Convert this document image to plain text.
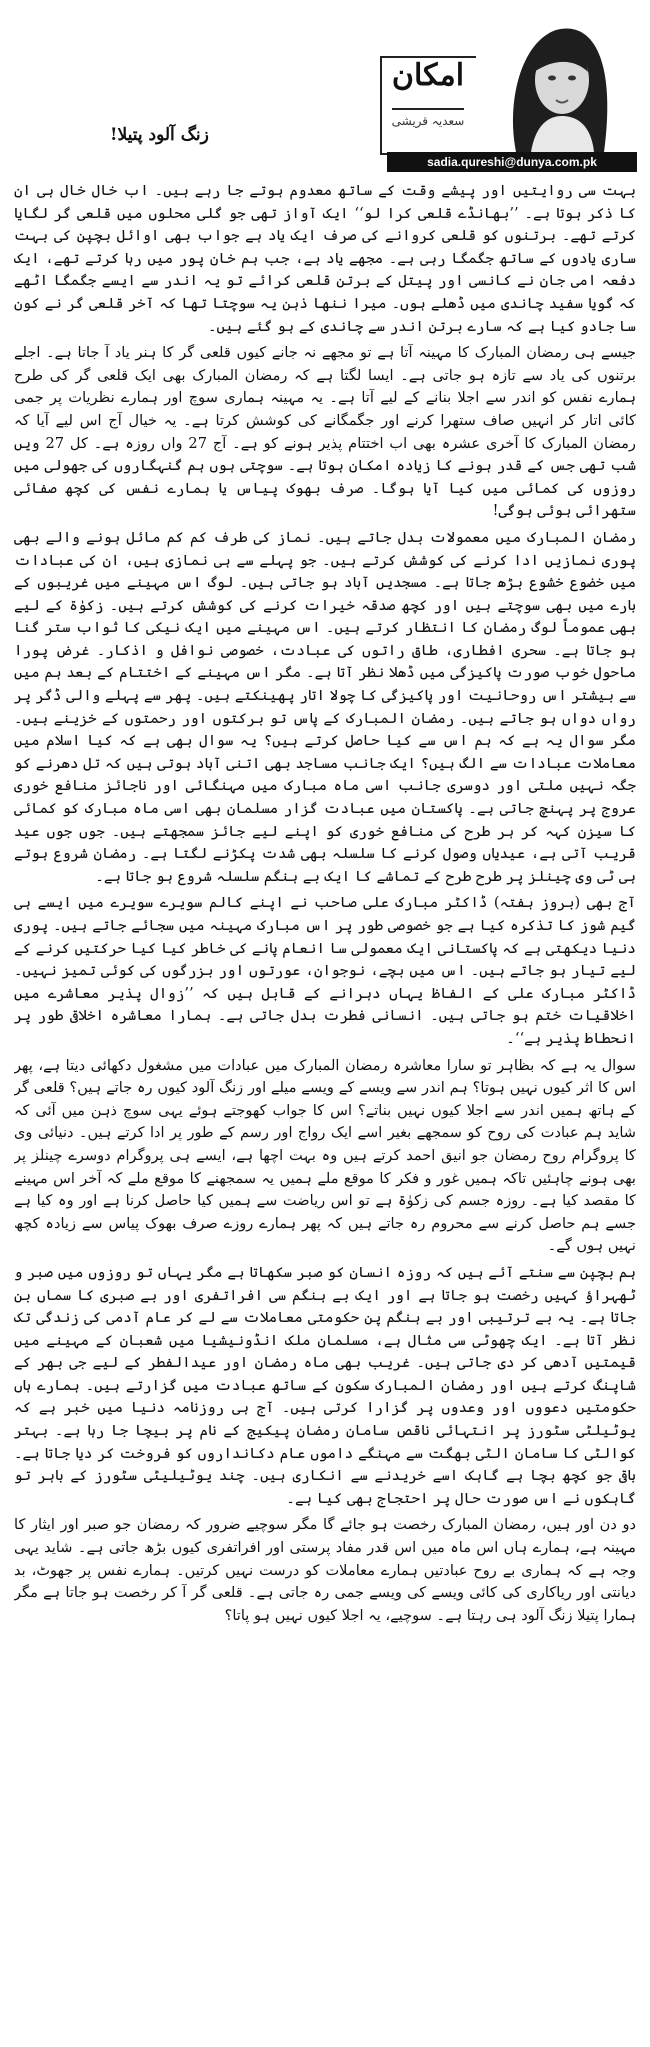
زنگ آلود پتیلا!
امکان
سعدیہ قریشی
sadia.qureshi@dunya.com.pk

بہت سی روایتیں اور پیشے وقت کے ساتھ معدوم ہوتے جا رہے ہیں۔ اب خال خال ہی ان کا ذکر ہوتا ہے۔ ’’بھانڈے قلعی کرا لو‘‘ ایک آواز تھی جو گلی محلوں میں قلعی گر لگایا کرتے تھے۔ برتنوں کو قلعی کروانے کی صرف ایک یاد ہے جواب بھی اوائل بچپن کی بہت ساری یادوں کے ساتھ جگمگا رہی ہے۔ مجھے یاد ہے، جب ہم خان پور میں رہا کرتے تھے، ایک دفعہ امی جان نے کانسی اور پیتل کے برتن قلعی کرائے تو یہ اندر سے ایسے جگمگا اٹھے کہ گویا سفید چاندی میں ڈھلے ہوں۔ میرا ننھا ذہن یہ سوچتا تھا کہ آخر قلعی گر نے کون سا جادو کیا ہے کہ سارے برتن اندر سے چاندی کے ہو گئے ہیں۔

جیسے ہی رمضان المبارک کا مہینہ آتا ہے تو مجھے نہ جانے کیوں قلعی گر کا ہنر یاد آ جاتا ہے۔ اجلے برتنوں کی یاد سے تازہ ہو جاتی ہے۔ ایسا لگتا ہے کہ رمضان المبارک بھی ایک قلعی گر کی طرح ہمارے نفس کو اندر سے اجلا بنانے کے لیے آتا ہے۔ یہ مہینہ ہماری سوچ اور ہمارے نظریات پر جمی کائی اتار کر انہیں صاف ستھرا کرنے اور جگمگانے کی کوشش کرتا ہے۔ یہ خیال آج اس لیے آیا کہ رمضان المبارک کا آخری عشرہ بھی اب اختتام پذیر ہونے کو ہے۔ آج 27 واں روزہ ہے۔ کل 27 ویں شب تھی جس کے قدر ہونے کا زیادہ امکان ہوتا ہے۔ سوچتی ہوں ہم گنہگاروں کی جھولی میں روزوں کی کمائی میں کیا آیا ہوگا۔ صرف بھوک پیاس یا ہمارے نفس کی کچھ صفائی ستھرائی ہوئی ہوگی!

رمضان المبارک میں معمولات بدل جاتے ہیں۔ نماز کی طرف کم کم مائل ہونے والے بھی پوری نمازیں ادا کرنے کی کوشش کرتے ہیں۔ جو پہلے سے ہی نمازی ہیں، ان کی عبادات میں خضوع خشوع بڑھ جاتا ہے۔ مسجدیں آباد ہو جاتی ہیں۔ لوگ اس مہینے میں غریبوں کے بارے میں بھی سوچتے ہیں اور کچھ صدقہ خیرات کرنے کی کوشش کرتے ہیں۔ زکوٰۃ کے لیے بھی عموماً لوگ رمضان کا انتظار کرتے ہیں۔ اس مہینے میں ایک نیکی کا ثواب ستر گنا ہو جاتا ہے۔ سحری افطاری، طاق راتوں کی عبادت، خصوصی نوافل و اذکار۔ غرض پورا ماحول خوب صورت پاکیزگی میں ڈھلا نظر آتا ہے۔ مگر اس مہینے کے اختتام کے بعد ہم میں سے بیشتر اس روحانیت اور پاکیزگی کا چولا اتار پھینکتے ہیں۔ پھر سے پہلے والی ڈگر پر رواں دواں ہو جاتے ہیں۔ رمضان المبارک کے پاس تو برکتوں اور رحمتوں کے خزینے ہیں۔ مگر سوال یہ ہے کہ ہم اس سے کیا حاصل کرتے ہیں؟ یہ سوال بھی ہے کہ کیا اسلام میں معاملات عبادات سے الگ ہیں؟ ایک جانب مساجد بھی اتنی آباد ہوتی ہیں کہ تل دھرنے کو جگہ نہیں ملتی اور دوسری جانب اسی ماہ مبارک میں مہنگائی اور ناجائز منافع خوری عروج پر پہنچ جاتی ہے۔ پاکستان میں عبادت گزار مسلمان بھی اسی ماہ مبارک کو کمائی کا سیزن کہہ کر ہر طرح کی منافع خوری کو اپنے لیے جائز سمجھتے ہیں۔ جوں جوں عید قریب آتی ہے، عیدیاں وصول کرنے کا سلسلہ بھی شدت پکڑنے لگتا ہے۔ رمضان شروع ہوتے ہی ٹی وی چینلز پر طرح طرح کے تماشے کا ایک بے ہنگم سلسلہ شروع ہو جاتا ہے۔

آج بھی (بروز ہفتہ) ڈاکٹر مبارک علی صاحب نے اپنے کالم سویرے سویرے میں ایسے ہی گیم شوز کا تذکرہ کیا ہے جو خصوصی طور پر اس مبارک مہینہ میں سجائے جاتے ہیں۔ پوری دنیا دیکھتی ہے کہ پاکستانی ایک معمولی سا انعام پانے کی خاطر کیا کیا حرکتیں کرنے کے لیے تیار ہو جاتے ہیں۔ اس میں بچے، نوجوان، عورتوں اور بزرگوں کی کوئی تمیز نہیں۔ ڈاکٹر مبارک علی کے الفاظ یہاں دہرانے کے قابل ہیں کہ ’’زوال پذیر معاشرے میں اخلاقیات ختم ہو جاتی ہیں۔ انسانی فطرت بدل جاتی ہے۔ ہمارا معاشرہ اخلاقی طور پر انحطاط پذیر ہے‘‘۔

سوال یہ ہے کہ بظاہر تو سارا معاشرہ رمضان المبارک میں عبادات میں مشغول دکھائی دیتا ہے، پھر اس کا اثر کیوں نہیں ہوتا؟ ہم اندر سے ویسے کے ویسے میلے اور زنگ آلود کیوں رہ جاتے ہیں؟ قلعی گر کے ہاتھ ہمیں اندر سے اجلا کیوں نہیں بناتے؟ اس کا جواب کھوجتے ہوئے یہی سوچ ذہن میں آئی کہ شاید ہم عبادت کی روح کو سمجھے بغیر اسے ایک رواج اور رسم کے طور پر ادا کرتے ہیں۔ دنیائی وی کا پروگرام روح رمضان جو انیق احمد کرتے ہیں وہ بہت اچھا ہے، ایسے ہی پروگرام دوسرے چینلز پر بھی ہونے چاہئیں تاکہ ہمیں غور و فکر کا موقع ملے ہمیں یہ سمجھنے کا موقع ملے کہ آخر اس مہینے کا مقصد کیا ہے۔ روزہ جسم کی زکوٰۃ ہے تو اس ریاضت سے ہمیں کیا حاصل کرنا ہے اور وہ کیا ہے جسے ہم حاصل کرنے سے محروم رہ جاتے ہیں کہ پھر ہمارے روزے صرف بھوک پیاس سے زیادہ کچھ نہیں ہوں گے۔

ہم بچپن سے سنتے آئے ہیں کہ روزہ انسان کو صبر سکھاتا ہے مگر یہاں تو روزوں میں صبر و ٹھہراؤ کہیں رخصت ہو جاتا ہے اور ایک بے ہنگم سی افراتفری اور بے صبری کا سماں بن جاتا ہے۔ یہ بے ترتیبی اور بے ہنگم پن حکومتی معاملات سے لے کر عام آدمی کی زندگی تک نظر آتا ہے۔ ایک چھوٹی سی مثال ہے، مسلمان ملک انڈونیشیا میں شعبان کے مہینے میں قیمتیں آدھی کر دی جاتی ہیں۔ غریب بھی ماہ رمضان اور عیدالفطر کے لیے جی بھر کے شاپنگ کرتے ہیں اور رمضان المبارک سکون کے ساتھ عبادت میں گزارتے ہیں۔ ہمارے ہاں حکومتیں دعووں اور وعدوں پر گزارا کرتی ہیں۔ آج ہی روزنامہ دنیا میں خبر ہے کہ یوٹیلٹی سٹورز پر انتہائی ناقص سامان رمضان پیکیج کے نام پر بیچا جا رہا ہے۔ بہتر کوالٹی کا سامان الٹی بھگت سے مہنگے داموں عام دکانداروں کو فروخت کر دیا جاتا ہے۔ باقی جو کچھ بچا ہے گاہک اسے خریدنے سے انکاری ہیں۔ چند یوٹیلیٹی سٹورز کے باہر تو گاہکوں نے اس صورت حال پر احتجاج بھی کیا ہے۔

دو دن اور ہیں، رمضان المبارک رخصت ہو جائے گا مگر سوچیے ضرور کہ رمضان جو صبر اور ایثار کا مہینہ ہے، ہمارے ہاں اس ماہ میں اس قدر مفاد پرستی اور افراتفری کیوں بڑھ جاتی ہے۔ شاید یہی وجہ ہے کہ ہماری بے روح عبادتیں ہمارے معاملات کو درست نہیں کرتیں۔ ہمارے نفس پر جھوٹ، بد دیانتی اور ریاکاری کی کائی ویسے کی ویسے جمی رہ جاتی ہے۔ قلعی گر آ کر رخصت ہو جاتا ہے مگر ہمارا پتیلا زنگ آلود ہی رہتا ہے۔ سوچیے، یہ اجلا کیوں نہیں ہو پاتا؟
